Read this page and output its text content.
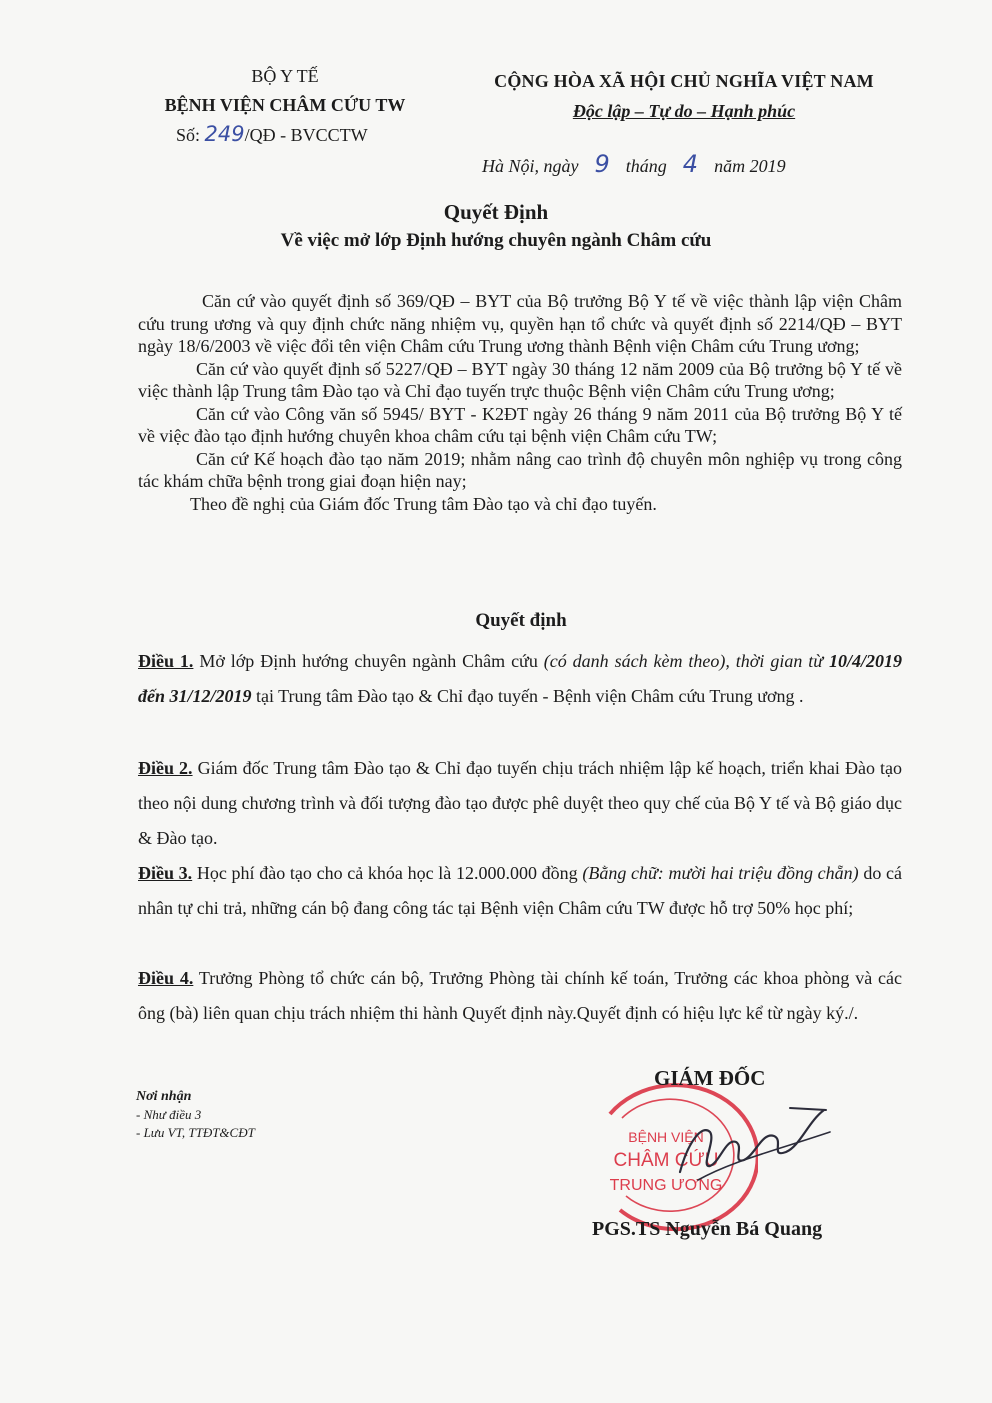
BỘ Y TẾ
BỆNH VIỆN CHÂM CỨU TW
Số: 249/QĐ - BVCCTW
CỘNG HÒA XÃ HỘI CHỦ NGHĨA VIỆT NAM
Độc lập – Tự do – Hạnh phúc
Hà Nội, ngày 9 tháng 4 năm 2019
Quyết Định
Về việc mở lớp Định hướng chuyên ngành Châm cứu

Căn cứ vào quyết định số 369/QĐ – BYT của Bộ trưởng Bộ Y tế về việc thành lập viện Châm cứu trung ương và quy định chức năng nhiệm vụ, quyền hạn tổ chức và quyết định số 2214/QĐ – BYT ngày 18/6/2003 về việc đổi tên viện Châm cứu Trung ương thành Bệnh viện Châm cứu Trung ương;

Căn cứ vào quyết định số 5227/QĐ – BYT ngày 30 tháng 12 năm 2009 của Bộ trưởng bộ Y tế về việc thành lập Trung tâm Đào tạo và Chỉ đạo tuyến trực thuộc Bệnh viện Châm cứu Trung ương;

Căn cứ vào Công văn số 5945/ BYT - K2ĐT ngày 26 tháng 9 năm 2011 của Bộ trưởng Bộ Y tế về việc đào tạo định hướng chuyên khoa châm cứu tại bệnh viện Châm cứu TW;

Căn cứ Kế hoạch đào tạo năm 2019; nhằm nâng cao trình độ chuyên môn nghiệp vụ trong công tác khám chữa bệnh trong giai đoạn hiện nay;

Theo đề nghị của Giám đốc Trung tâm Đào tạo và chỉ đạo tuyến.

Quyết định
Điều 1. Mở lớp Định hướng chuyên ngành Châm cứu (có danh sách kèm theo), thời gian từ 10/4/2019 đến 31/12/2019 tại Trung tâm Đào tạo & Chỉ đạo tuyến - Bệnh viện Châm cứu Trung ương .
Điều 2. Giám đốc Trung tâm Đào tạo & Chỉ đạo tuyến chịu trách nhiệm lập kế hoạch, triển khai Đào tạo theo nội dung chương trình và đối tượng đào tạo được phê duyệt theo quy chế của Bộ Y tế và Bộ giáo dục & Đào tạo.
Điều 3. Học phí đào tạo cho cả khóa học là 12.000.000 đồng (Bằng chữ: mười hai triệu đồng chẵn) do cá nhân tự chi trả, những cán bộ đang công tác tại Bệnh viện Châm cứu TW được hỗ trợ 50% học phí;
Điều 4. Trưởng Phòng tổ chức cán bộ, Trưởng Phòng tài chính kế toán, Trưởng các khoa phòng và các ông (bà) liên quan chịu trách nhiệm thi hành Quyết định này.Quyết định có hiệu lực kể từ ngày ký./.
Nơi nhận
- Như điều 3
- Lưu VT, TTĐT&CĐT	BỆNH VIỆN
CHÂM CỨU
TRUNG ƯƠNG
GIÁM ĐỐC
PGS.TS Nguyễn Bá Quang
